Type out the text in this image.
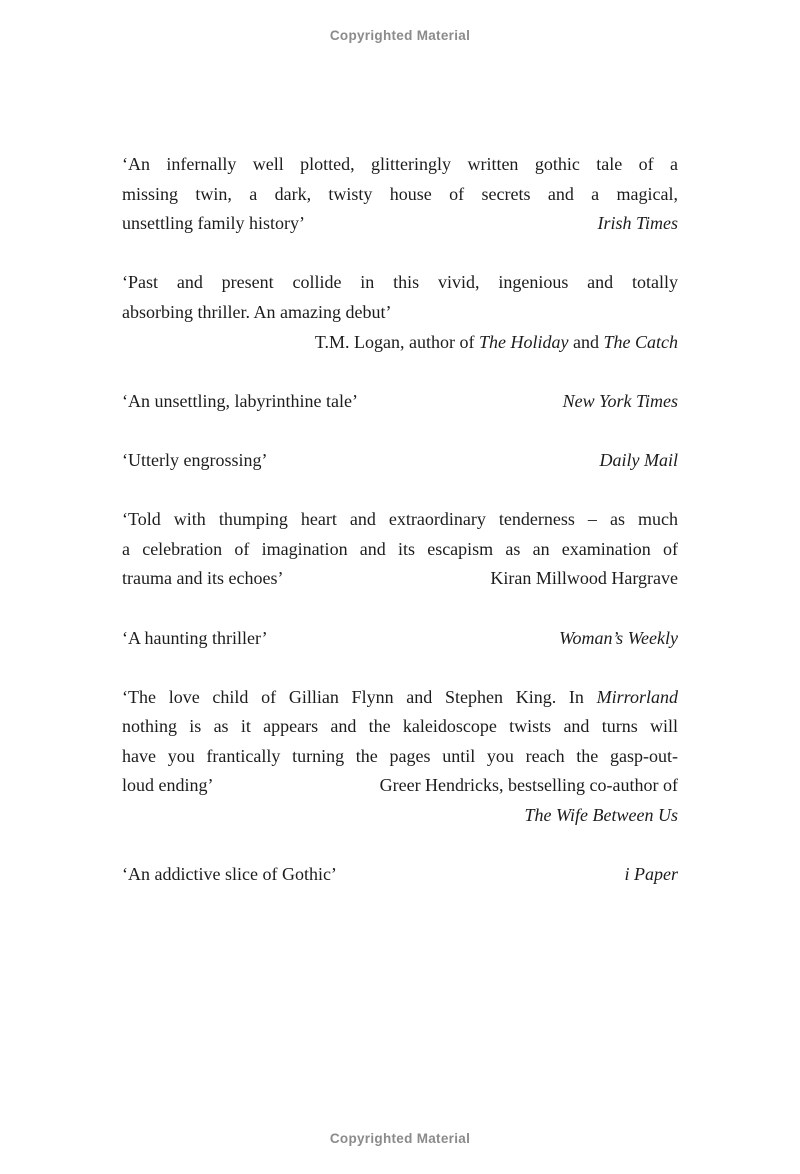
Copyrighted Material
‘An infernally well plotted, glitteringly written gothic tale of a
missing twin, a dark, twisty house of secrets and a magical,
unsettling family history’	Irish Times
‘Past and present collide in this vivid, ingenious and totally
absorbing thriller. An amazing debut’
T.M. Logan, author of The Holiday and The Catch
‘An unsettling, labyrinthine tale’	New York Times
‘Utterly engrossing’	Daily Mail
‘Told with thumping heart and extraordinary tenderness – as much
a celebration of imagination and its escapism as an examination of
trauma and its echoes’	Kiran Millwood Hargrave
‘A haunting thriller’	Woman’s Weekly
‘The love child of Gillian Flynn and Stephen King. In Mirrorland
nothing is as it appears and the kaleidoscope twists and turns will
have you frantically turning the pages until you reach the gasp-out-
loud ending’	Greer Hendricks, bestselling co-author of
The Wife Between Us
‘An addictive slice of Gothic’	i Paper
Copyrighted Material
